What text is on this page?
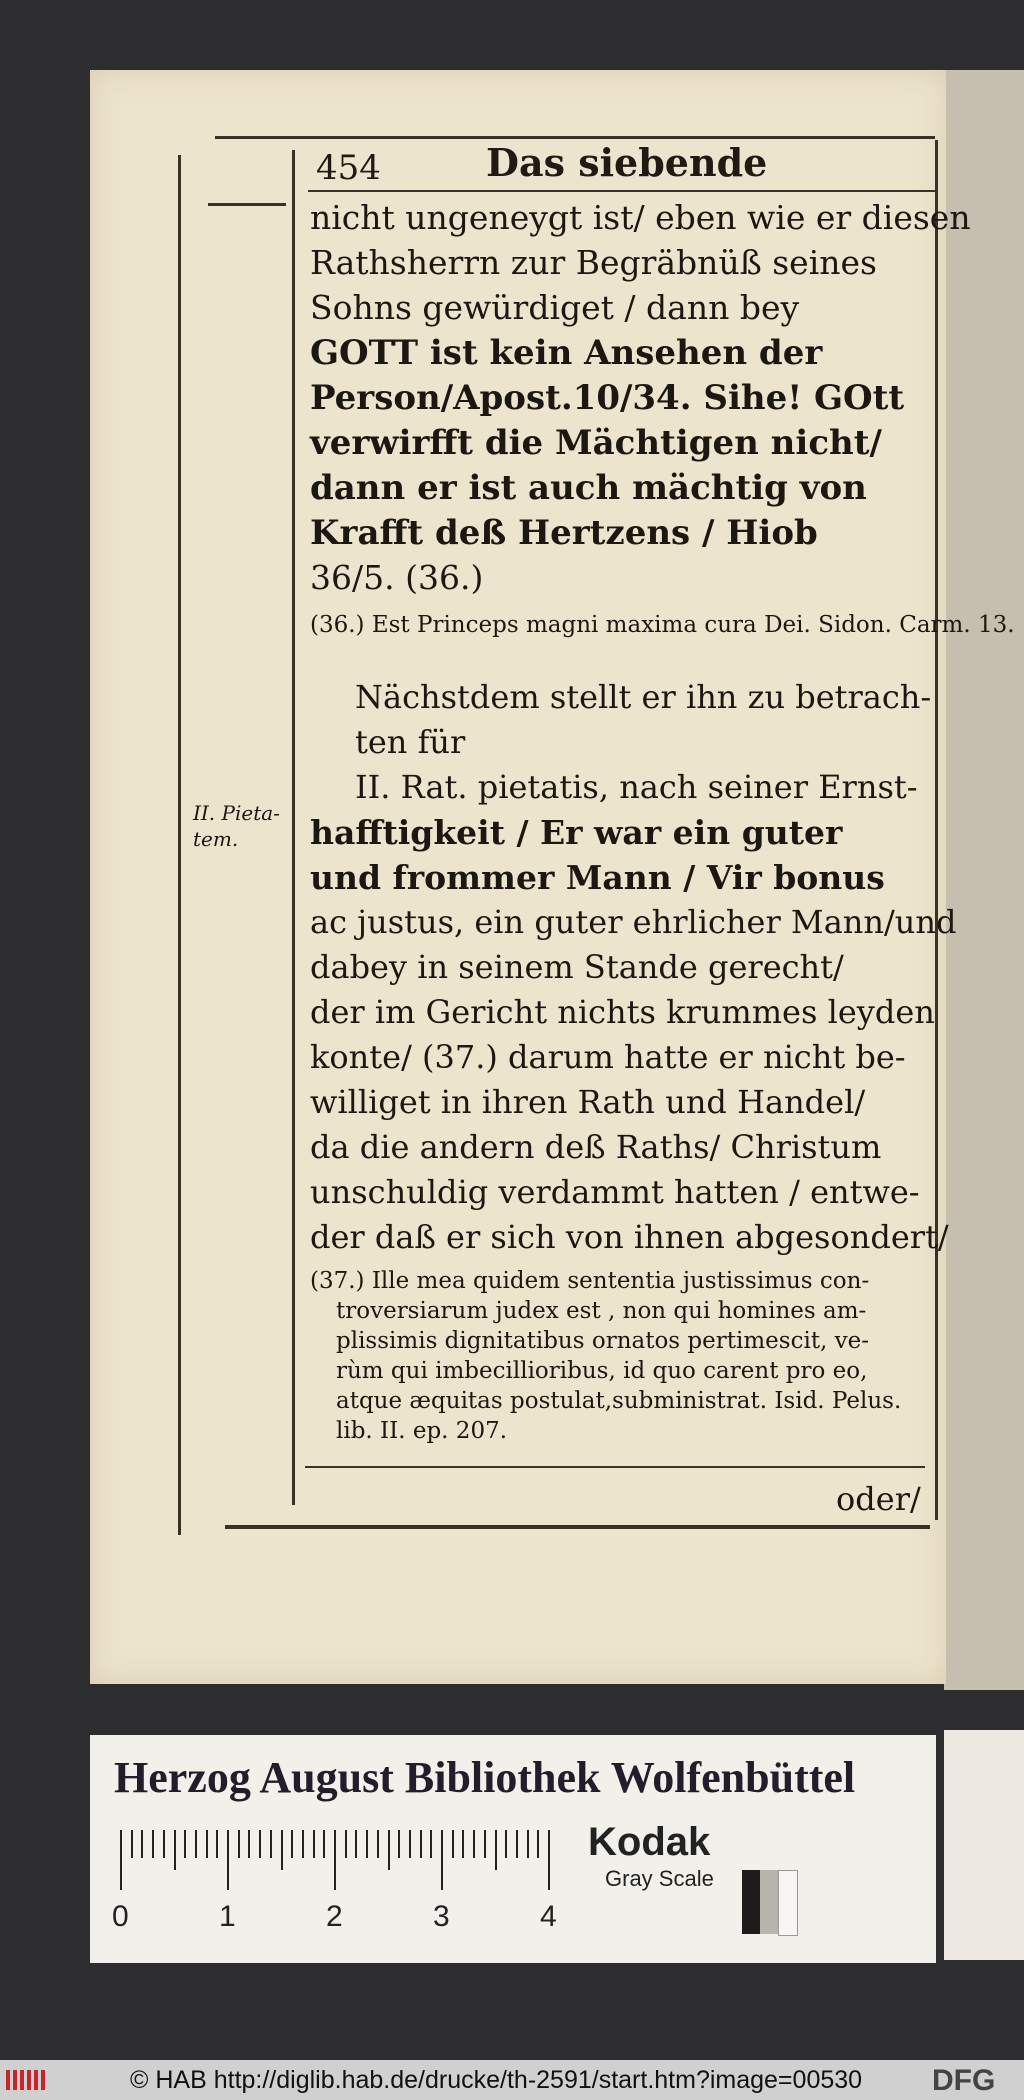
454	Das siebende
nicht ungeneygt ist/ eben wie er diesen
Rathsherrn zur Begräbnüß seines
Sohns gewürdiget / dann bey
GOTT ist kein Ansehen der
Person/Apost.10/34. Sihe! GOtt
verwirfft die Mächtigen nicht/
dann er ist auch mächtig von
Krafft deß Hertzens / Hiob
36/5. (36.)
(36.) Est Princeps magni maxima cura Dei. Sidon. Carm. 13.
II. Pieta-
tem.
Nächstdem stellt er ihn zu betrach-
ten für
II. Rat. pietatis, nach seiner Ernst-
hafftigkeit / Er war ein guter
und frommer Mann / Vir bonus
ac justus, ein guter ehrlicher Mann/und
dabey in seinem Stande gerecht/
der im Gericht nichts krummes leyden
konte/ (37.) darum hatte er nicht be-
williget in ihren Rath und Handel/
da die andern deß Raths/ Christum
unschuldig verdammt hatten / entwe-
der daß er sich von ihnen abgesondert/
(37.) Ille mea quidem sententia justissimus con-
troversiarum judex est , non qui homines am-
plissimis dignitatibus ornatos pertimescit, ve-
rùm qui imbecillioribus, id quo carent pro eo,
atque æquitas postulat,subministrat. Isid. Pelus.
lib. II. ep. 207.
oder/
Herzog August Bibliothek Wolfenbüttel
0	1	2	3	4
Kodak
Gray Scale
© HAB http://diglib.hab.de/drucke/th-2591/start.htm?image=00530 DFG
